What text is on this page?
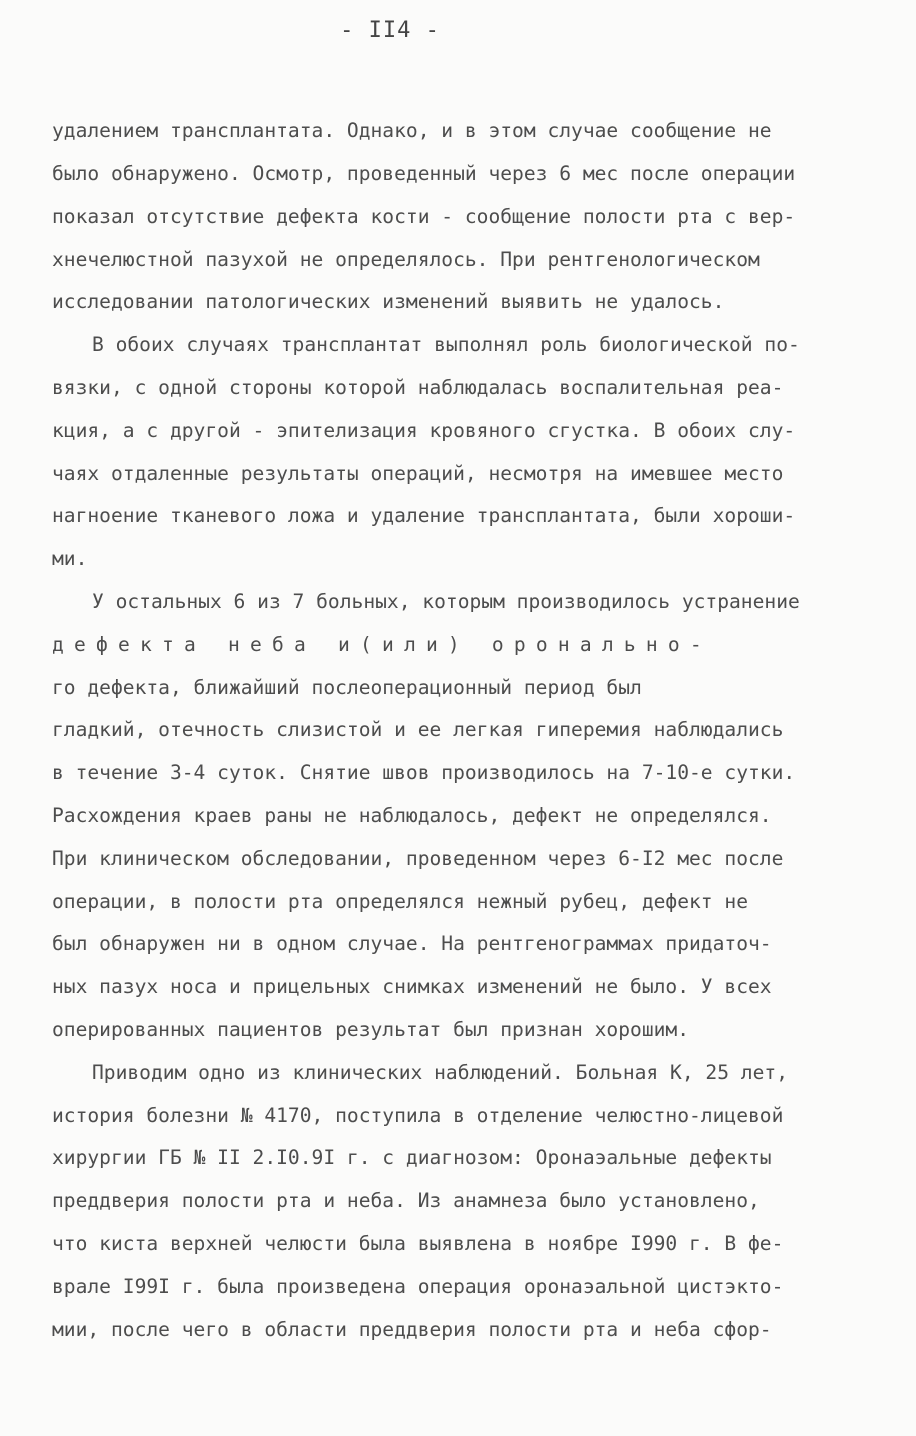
- II4 -
удалением трансплантата. Однако, и в этом случае сообщение не
было обнаружено. Осмотр, проведенный через 6 мес после операции
показал отсутствие дефекта кости - сообщение полости рта с вер-
хнечелюстной пазухой не определялось. При рентгенологическом
исследовании патологических изменений выявить не удалось.
В обоих случаях трансплантат выполнял роль биологической по-
вязки, с одной стороны которой наблюдалась воспалительная реа-
кция, а с другой - эпителизация кровяного сгустка. В обоих слу-
чаях отдаленные результаты операций, несмотря на имевшее место
нагноение тканевого ложа и удаление трансплантата, были хороши-
ми.
У остальных 6 из 7 больных, которым производилось устранение
дефекта неба и(или) оронально-
го дефекта, ближайший послеоперационный период был
гладкий, отечность слизистой и ее легкая гиперемия наблюдались
в течение 3-4 суток. Снятие швов производилось на 7-10-е сутки.
Расхождения краев раны не наблюдалось, дефект не определялся.
При клиническом обследовании, проведенном через 6-I2 мес после
операции, в полости рта определялся нежный рубец, дефект не
был обнаружен ни в одном случае. На рентгенограммах придаточ-
ных пазух носа и прицельных снимках изменений не было. У всех
оперированных пациентов результат был признан хорошим.
Приводим одно из клинических наблюдений. Больная К, 25 лет,
история болезни № 4170, поступила в отделение челюстно-лицевой
хирургии ГБ № II 2.I0.9I г. с диагнозом: Оронаэальные дефекты
преддверия полости рта и неба. Из анамнеза было установлено,
что киста верхней челюсти была выявлена в ноябре I990 г. В фе-
врале I99I г. была произведена операция оронаэальной цистэкто-
мии, после чего в области преддверия полости рта и неба сфор-
